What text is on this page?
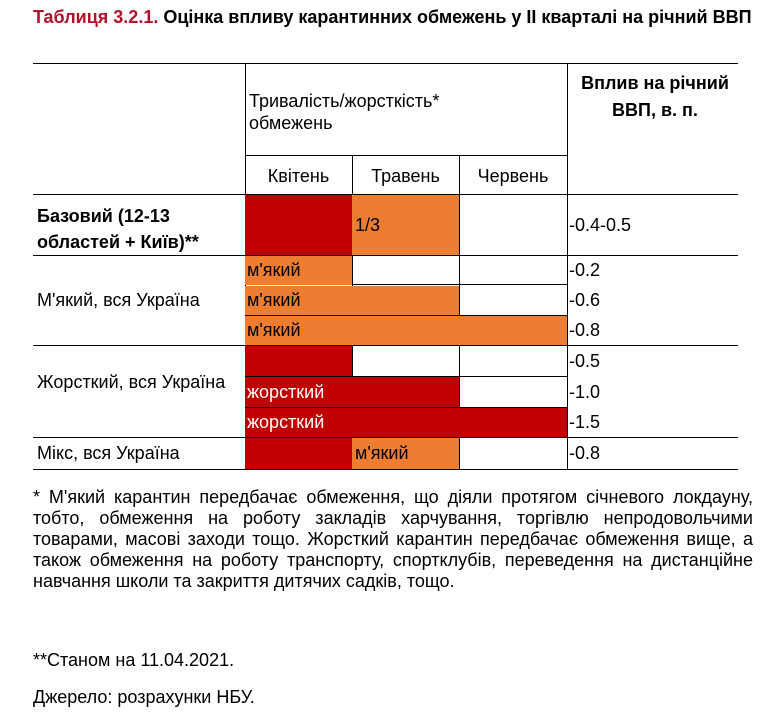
Таблиця 3.2.1. Оцінка впливу карантинних обмежень у ІІ кварталі на річний ВВП
Тривалість/жорсткість* обмежень
Вплив на річний ВВП, в. п.
Квітень	Травень	Червень
Базовий (12-13 областей + Київ)**
М'який, вся Україна
Жорсткий, вся Україна
Мікс, вся Україна
1/3
м'який
м'який
м'який
жорсткий
жорсткий
м'який
-0.4-0.5
-0.2
-0.6
-0.8
-0.5
-1.0
-1.5
-0.8
* М'який карантин передбачає обмеження, що діяли протягом січневого локдауну, тобто, обмеження на роботу закладів харчування, торгівлю непродовольчими товарами, масові заходи тощо. Жорсткий карантин передбачає обмеження вище, а також обмеження на роботу транспорту, спортклубів, переведення на дистанційне навчання школи та закриття дитячих садків, тощо.
**Станом на 11.04.2021.
Джерело: розрахунки НБУ.
